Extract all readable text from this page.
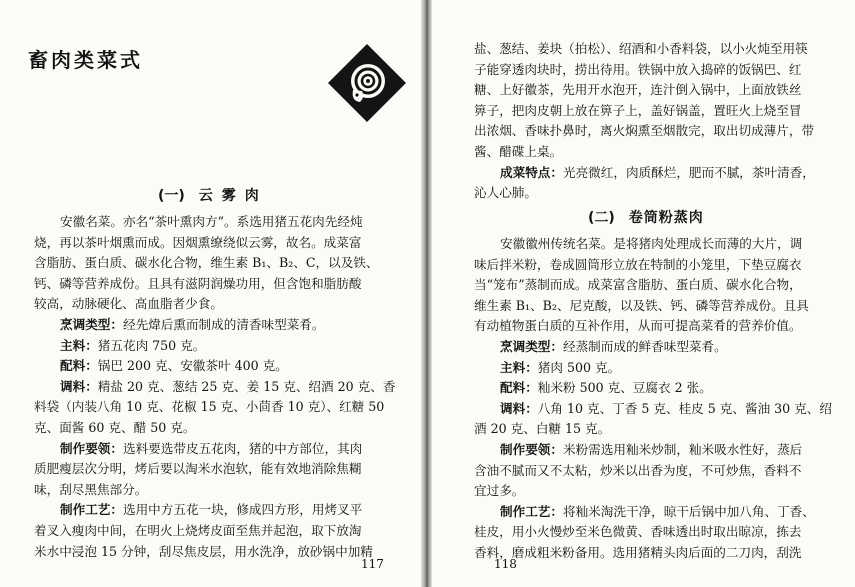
畜肉类菜式
(一) 云雾肉
安徽名菜。亦名“茶叶熏肉方”。系选用猪五花肉先经炖
烧，再以茶叶烟熏而成。因烟熏缭绕似云雾，故名。成菜富
含脂肪、蛋白质、碳水化合物，维生素 B₁、B₂、C，以及铁、
钙、磷等营养成份。且具有滋阴润燥功用，但含饱和脂肪酸
较高，动脉硬化、高血脂者少食。
烹调类型：经先煒后熏而制成的清香味型菜肴。
主料：猪五花肉 750 克。
配料：锅巴 200 克、安徽茶叶 400 克。
调料：精盐 20 克、葱结 25 克、姜 15 克、绍酒 20 克、香
料袋（内装八角 10 克、花椒 15 克、小茴香 10 克）、红糖 50
克、面酱 60 克、醋 50 克。
制作要领：选料要选带皮五花肉，猪的中方部位，其肉
质肥瘦层次分明，烤后要以淘米水泡软，能有效地消除焦糊
味，刮尽黑焦部分。
制作工艺：选用中方五花一块，修成四方形，用烤叉平
着叉入瘦肉中间，在明火上烧烤皮面至焦并起泡，取下放淘
米水中浸泡 15 分钟，刮尽焦皮层，用水洗净，放砂锅中加精
117
盐、葱结、姜块（拍松）、绍酒和小香料袋，以小火炖至用筷
子能穿透肉块时，捞出待用。铁锅中放入捣碎的饭锅巴、红
糖、上好徽茶，先用开水泡开，连汁倒入锅中，上面放铁丝
箅子，把肉皮朝上放在箅子上，盖好锅盖，置旺火上烧至冒
出浓烟、香味扑鼻时，离火焖熏至烟散完，取出切成薄片，带
酱、醋碟上桌。
成菜特点：光亮微红，肉质酥烂，肥而不腻，茶叶清香，
沁人心肺。
(二) 卷筒粉蒸肉
安徽徽州传统名菜。是将猪肉处理成长而薄的大片，调
味后拌米粉，卷成圆筒形立放在特制的小笼里，下垫豆腐衣
当“笼布”蒸制而成。成菜富含脂肪、蛋白质、碳水化合物，
维生素 B₁、B₂、尼克酸，以及铁、钙、磷等营养成份。且具
有动植物蛋白质的互补作用，从而可提高菜肴的营养价值。
烹调类型：经蒸制而成的鲜香味型菜肴。
主料：猪肉 500 克。
配料：籼米粉 500 克、豆腐衣 2 张。
调料：八角 10 克、丁香 5 克、桂皮 5 克、酱油 30 克、绍
酒 20 克、白糖 15 克。
制作要领：米粉需选用籼米炒制，籼米吸水性好，蒸后
含油不腻而又不太粘，炒米以出香为度，不可炒焦，香料不
宜过多。
制作工艺：将籼米淘洗干净，晾干后锅中加八角、丁香、
桂皮，用小火慢炒至米色微黄、香味透出时取出晾凉，拣去
香料，磨成粗米粉备用。选用猪精头肉后面的二刀肉，刮洗
118
